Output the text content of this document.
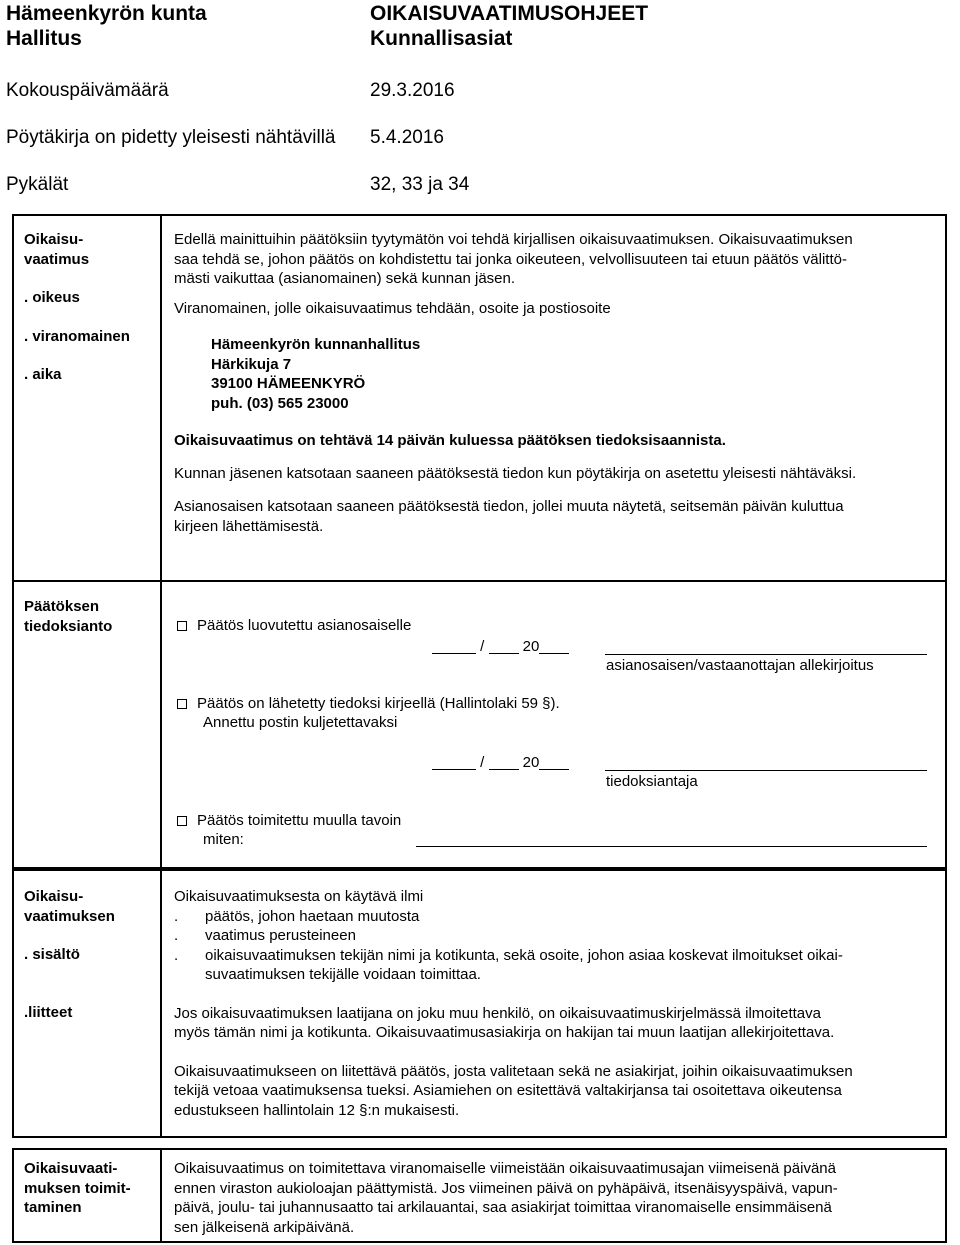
Hämeenkyrön kunta
Hallitus
OIKAISUVAATIMUSOHJEET
Kunnallisasiat
Kokouspäivämäärä	29.3.2016
Pöytäkirja on pidetty yleisesti nähtävillä 5.4.2016
Pykälät	32, 33 ja 34
Oikaisu-
vaatimus
. oikeus
. viranomainen
. aika
Edellä mainittuihin päätöksiin tyytymätön voi tehdä kirjallisen oikaisuvaatimuksen. Oikaisuvaatimuksen
saa tehdä se, johon päätös on kohdistettu tai jonka oikeuteen, velvollisuuteen tai etuun päätös välittö-
mästi vaikuttaa (asianomainen) sekä kunnan jäsen.
Viranomainen, jolle oikaisuvaatimus tehdään, osoite ja postiosoite
Hämeenkyrön kunnanhallitus
Härkikuja 7
39100 HÄMEENKYRÖ
puh. (03) 565 23000
Oikaisuvaatimus on tehtävä 14 päivän kuluessa päätöksen tiedoksisaannista.
Kunnan jäsenen katsotaan saaneen päätöksestä tiedon kun pöytäkirja on asetettu yleisesti nähtäväksi.
Asianosaisen katsotaan saaneen päätöksestä tiedon, jollei muuta näytetä, seitsemän päivän kuluttua
kirjeen lähettämisestä.
Päätöksen
tiedoksianto	Päätös luovutettu asianosaiselle
/  20
asianosaisen/vastaanottajan allekirjoitus
Päätös on lähetetty tiedoksi kirjeellä (Hallintolaki 59 §).
Annettu postin kuljetettavaksi
/  20
tiedoksiantaja
Päätös toimitettu muulla tavoin
miten:
Oikaisu-
vaatimuksen
. sisältö
.liitteet
Oikaisuvaatimuksesta on käytävä ilmi
. päätös, johon haetaan muutosta
. vaatimus perusteineen
.	oikaisuvaatimuksen tekijän nimi ja kotikunta, sekä osoite, johon asiaa koskevat ilmoitukset oikai-
suvaatimuksen tekijälle voidaan toimittaa.
Jos oikaisuvaatimuksen laatijana on joku muu henkilö, on oikaisuvaatimuskirjelmässä ilmoitettava
myös tämän nimi ja kotikunta. Oikaisuvaatimusasiakirja on hakijan tai muun laatijan allekirjoitettava.
Oikaisuvaatimukseen on liitettävä päätös, josta valitetaan sekä ne asiakirjat, joihin oikaisuvaatimuksen
tekijä vetoaa vaatimuksensa tueksi. Asiamiehen on esitettävä valtakirjansa tai osoitettava oikeutensa
edustukseen hallintolain 12 §:n mukaisesti.
Oikaisuvaati-
muksen toimit-
taminen
Oikaisuvaatimus on toimitettava viranomaiselle viimeistään oikaisuvaatimusajan viimeisenä päivänä
ennen viraston aukioloajan päättymistä. Jos viimeinen päivä on pyhäpäivä, itsenäisyyspäivä, vapun-
päivä, joulu- tai juhannusaatto tai arkilauantai, saa asiakirjat toimittaa viranomaiselle ensimmäisenä
sen jälkeisenä arkipäivänä.
